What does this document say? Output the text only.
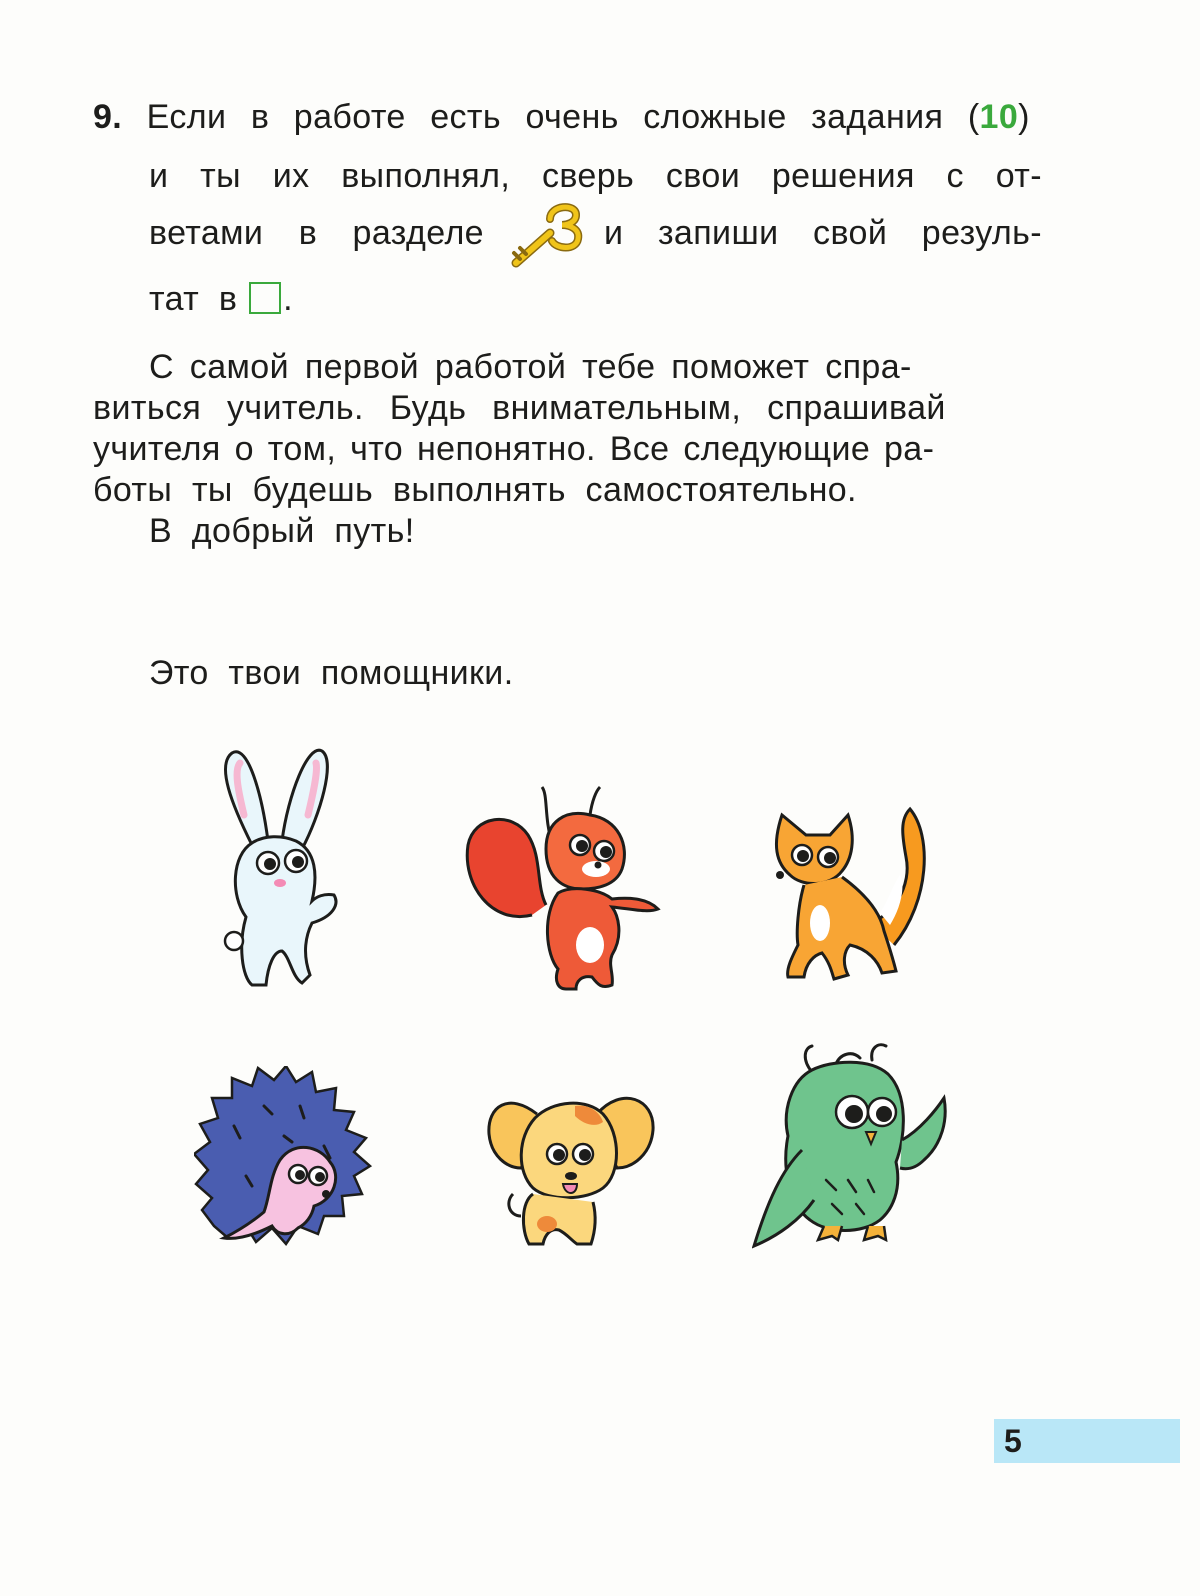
9. Если в работе есть очень сложные задания (10)
и ты их выполнял, сверь свои решения с от-
ветами в разделе	и запиши свой резуль-
тат  в .
С самой первой работой тебе поможет спра-
виться учитель. Будь внимательным, спрашивай
учителя о том, что непонятно. Все следующие ра-
боты  ты  будешь  выполнять  самостоятельно.
В  добрый  путь!
Это  твои  помощники.
5
